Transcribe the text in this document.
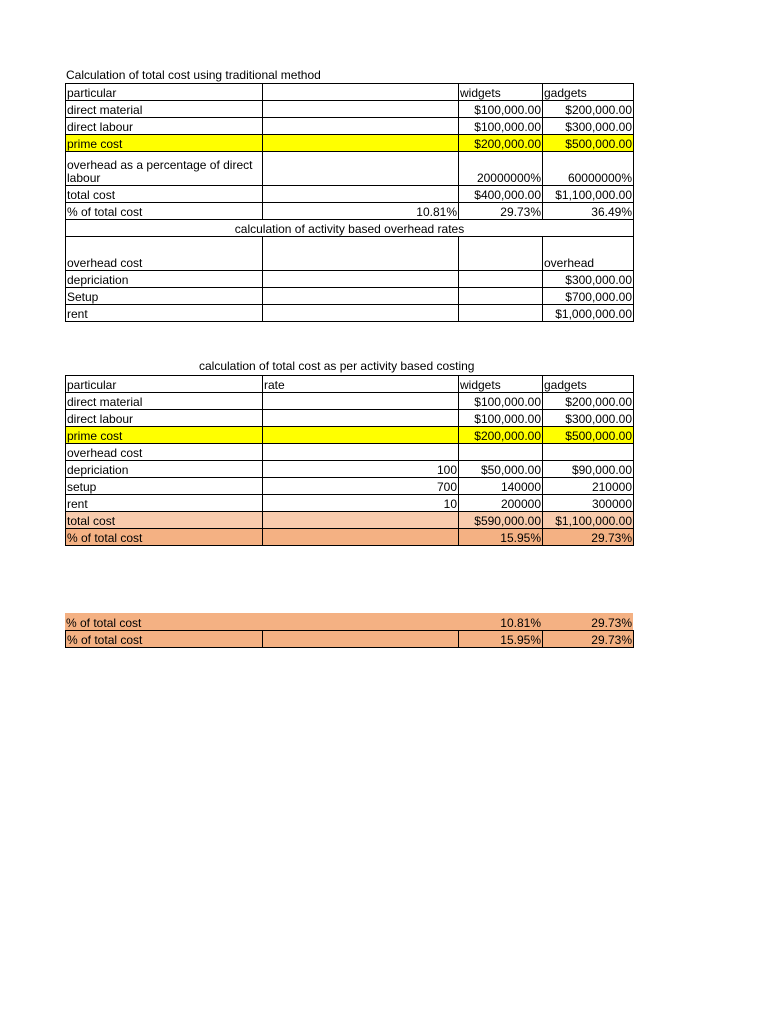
Calculation of total cost using traditional method
particular		widgets	gadgets
direct material		$100,000.00	$200,000.00
direct labour		$100,000.00	$300,000.00
prime cost		$200,000.00	$500,000.00
overhead as a percentage of direct labour		20000000%	60000000%
total cost		$400,000.00	$1,100,000.00
% of total cost	10.81%	29.73%	36.49%
calculation of activity based overhead rates			
overhead cost			overhead
depriciation			$300,000.00
Setup			$700,000.00
rent			$1,000,000.00
calculation of total cost as per activity based costing
particular	rate	widgets	gadgets
direct material		$100,000.00	$200,000.00
direct labour		$100,000.00	$300,000.00
prime cost		$200,000.00	$500,000.00
overhead cost			
depriciation	100	$50,000.00	$90,000.00
setup	700	140000	210000
rent	10	200000	300000
total cost		$590,000.00	$1,100,000.00
% of total cost		15.95%	29.73%
% of total cost		10.81%	29.73%
% of total cost		15.95%	29.73%
